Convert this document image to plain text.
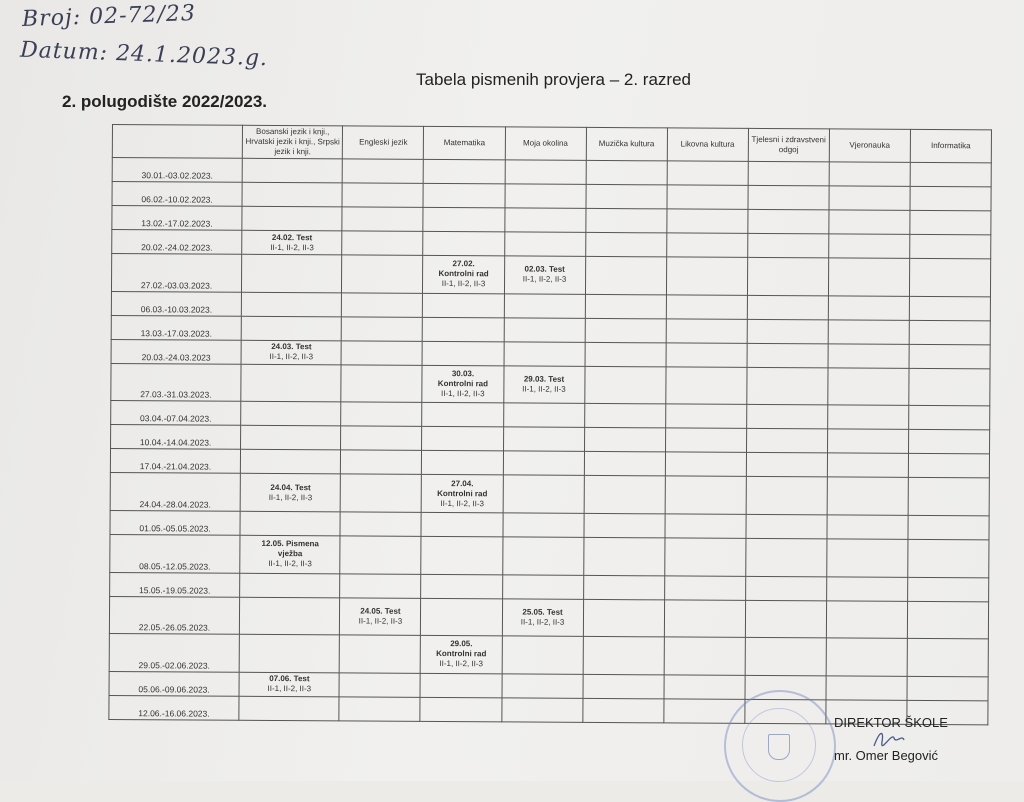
Broj: 02-72/23
Datum: 24.1.2023.g.
Tabela pismenih provjera – 2. razred
2. polugodište 2022/2023.
	Bosanski jezik i knji., Hrvatski jezik i knji., Srpski jezik i knji.	Engleski jezik	Matematika	Moja okolina	Muzička kultura	Likovna kultura	Tjelesni i zdravstveni odgoj	Vjeronauka	Informatika
30.01.-03.02.2023.									
06.02.-10.02.2023.									
13.02.-17.02.2023.									
20.02.-24.02.2023.	24.02. Test
II-1, II-2, II-3								

27.02.-03.03.2023.			27.02.
Kontrolni rad
II-1, II-2, II-3	02.03. Test
II-1, II-2, II-3					

06.03.-10.03.2023.									
13.03.-17.03.2023.									
20.03.-24.03.2023	24.03. Test
II-1, II-2, II-3								

27.03.-31.03.2023.			30.03.
Kontrolni rad
II-1, II-2, II-3	29.03. Test
II-1, II-2, II-3					

03.04.-07.04.2023.									
10.04.-14.04.2023.									
17.04.-21.04.2023.									
24.04.-28.04.2023.	24.04. Test
II-1, II-2, II-3		27.04.
Kontrolni rad
II-1, II-2, II-3						

01.05.-05.05.2023.									
08.05.-12.05.2023.	12.05. Pismena
vježba
II-1, II-2, II-3								

15.05.-19.05.2023.									
22.05.-26.05.2023.		24.05. Test
II-1, II-2, II-3		25.05. Test
II-1, II-2, II-3					

29.05.-02.06.2023.			29.05.
Kontrolni rad
II-1, II-2, II-3						

05.06.-09.06.2023.	07.06. Test
II-1, II-2, II-3								

12.06.-16.06.2023.									
DIREKTOR ŠKOLE
mr. Omer Begović
